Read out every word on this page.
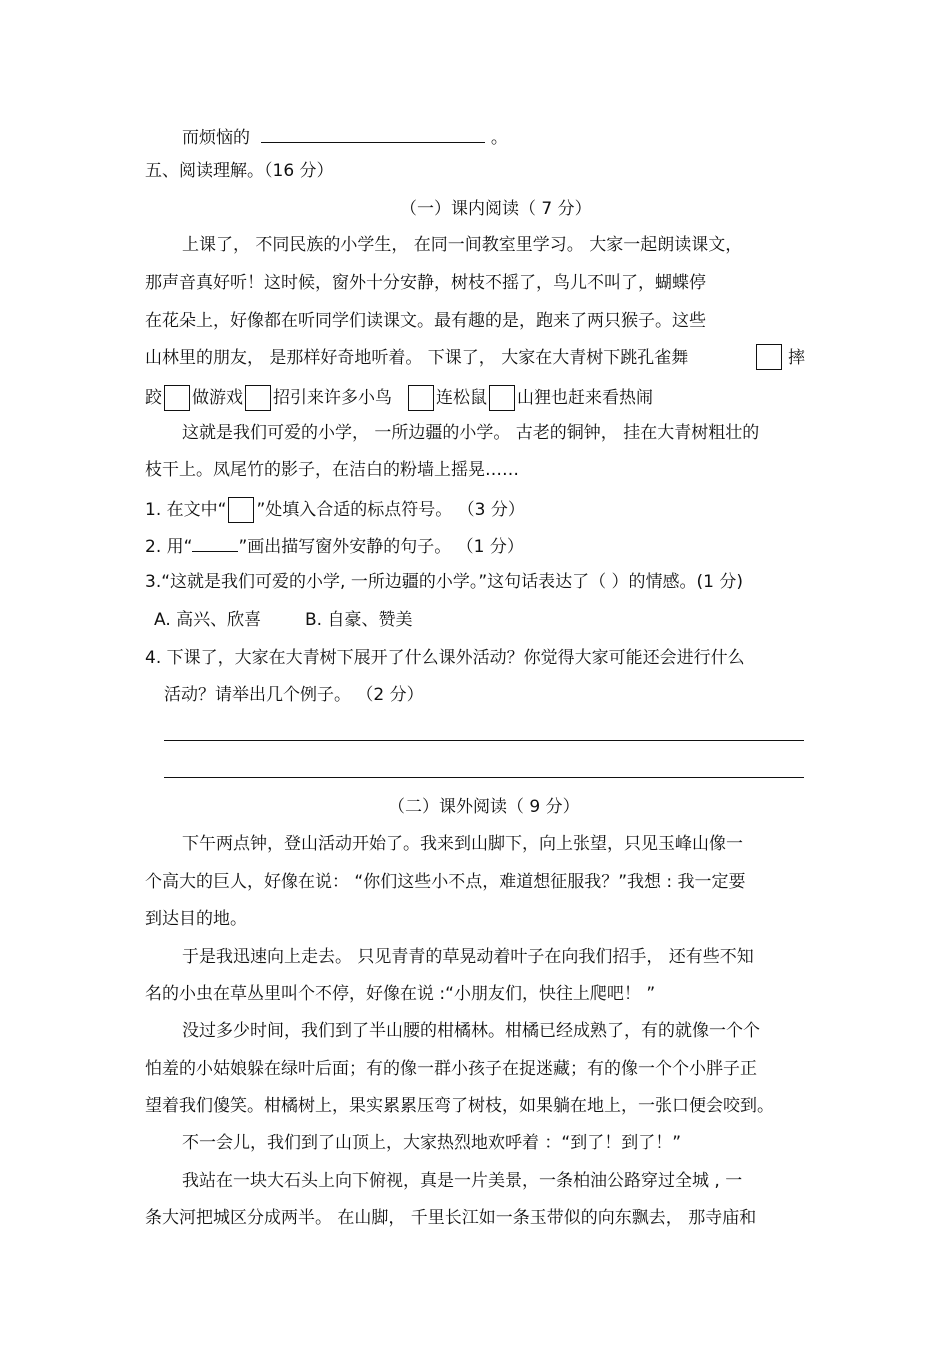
而烦恼的	。
五、阅读理解。（16 分）
（一）课内阅读（ 7 分）
上课了， 不同民族的小学生， 在同一间教室里学习。 大家一起朗读课文，
那声音真好听！这时候，窗外十分安静，树枝不摇了，鸟儿不叫了，蝴蝶停
在花朵上，好像都在听同学们读课文。最有趣的是，跑来了两只猴子。这些
山林里的朋友， 是那样好奇地听着。 下课了， 大家在大青树下跳孔雀舞	摔
跤 做游戏 招引来许多小鸟	连松鼠 山狸也赶来看热闹
这就是我们可爱的小学， 一所边疆的小学。 古老的铜钟， 挂在大青树粗壮的
枝干上。凤尾竹的影子，在洁白的粉墙上摇晃……
1. 在文中“ ”处填入合适的标点符号。 （3 分）
2. 用“	”画出描写窗外安静的句子。 （1 分）
3.“这就是我们可爱的小学, 一所边疆的小学。”这句话表达了（ ）的情感。(1 分)
A. 高兴、欣喜	B. 自豪、赞美
4. 下课了，大家在大青树下展开了什么课外活动？你觉得大家可能还会进行什么
活动？请举出几个例子。 （2 分）
（二）课外阅读（ 9 分）
下午两点钟，登山活动开始了。我来到山脚下，向上张望，只见玉峰山像一
个高大的巨人，好像在说： “你们这些小不点，难道想征服我？”我想 : 我一定要
到达目的地。
于是我迅速向上走去。 只见青青的草晃动着叶子在向我们招手， 还有些不知
名的小虫在草丛里叫个不停，好像在说 :“小朋友们，快往上爬吧！ ”
没过多少时间，我们到了半山腰的柑橘林。柑橘已经成熟了，有的就像一个个
怕羞的小姑娘躲在绿叶后面；有的像一群小孩子在捉迷藏；有的像一个个小胖子正
望着我们傻笑。柑橘树上，果实累累压弯了树枝，如果躺在地上，一张口便会咬到。
不一会儿，我们到了山顶上，大家热烈地欢呼着 ：“到了！到了！”
我站在一块大石头上向下俯视，真是一片美景，一条柏油公路穿过全城 , 一
条大河把城区分成两半。 在山脚， 千里长江如一条玉带似的向东飘去， 那寺庙和
